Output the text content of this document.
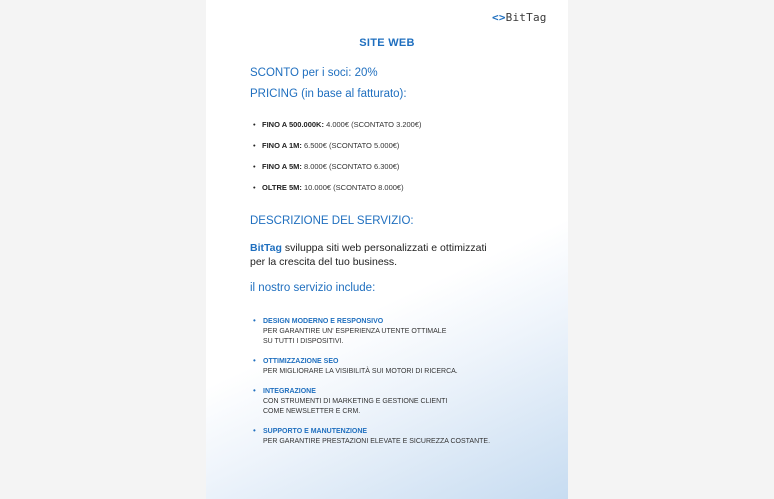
<>BitTag
SITE WEB
SCONTO per i soci: 20%
PRICING (in base al fatturato):
• FINO A 500.000K: 4.000€ (SCONTATO 3.200€)
• FINO A 1M: 6.500€ (SCONTATO 5.000€)
• FINO A 5M: 8.000€ (SCONTATO 6.300€)
• OLTRE 5M: 10.000€ (SCONTATO 8.000€)
DESCRIZIONE DEL SERVIZIO:
BitTag sviluppa siti web personalizzati e ottimizzati
per la crescita del tuo business.
il nostro servizio include:
• DESIGN MODERNO E RESPONSIVO
PER GARANTIRE UN' ESPERIENZA UTENTE OTTIMALE
SU TUTTI I DISPOSITIVI.
• OTTIMIZZAZIONE SEO
PER MIGLIORARE LA VISIBILITÀ SUI MOTORI DI RICERCA.
• INTEGRAZIONE
CON STRUMENTI DI MARKETING E GESTIONE CLIENTI
COME NEWSLETTER E CRM.
• SUPPORTO E MANUTENZIONE
PER GARANTIRE PRESTAZIONI ELEVATE E SICUREZZA COSTANTE.
